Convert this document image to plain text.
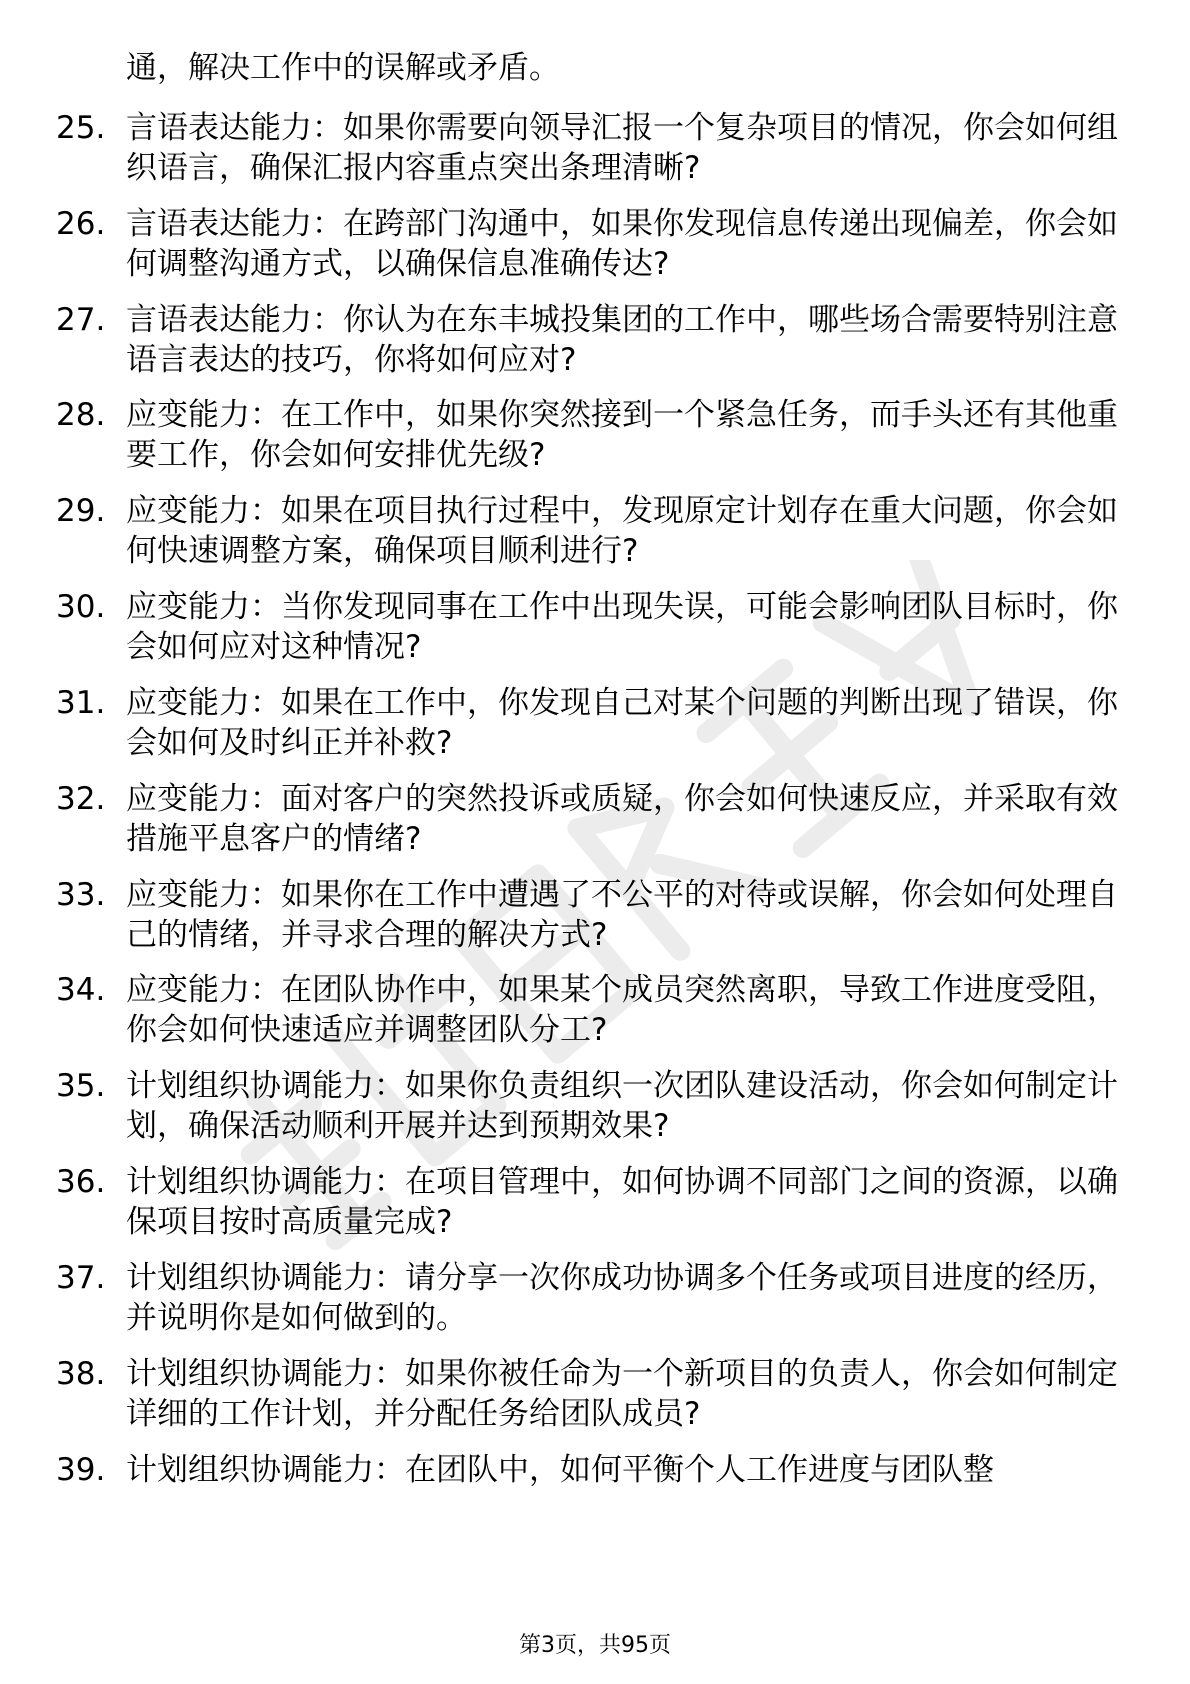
通，解决工作中的误解或矛盾。

25. 言语表达能力：如果你需要向领导汇报一个复杂项目的情况，你会如何组织语言，确保汇报内容重点突出条理清晰?
26. 言语表达能力：在跨部门沟通中，如果你发现信息传递出现偏差，你会如何调整沟通方式，以确保信息准确传达?
27. 言语表达能力：你认为在东丰城投集团的工作中，哪些场合需要特别注意语言表达的技巧，你将如何应对?
28. 应变能力：在工作中，如果你突然接到一个紧急任务，而手头还有其他重要工作，你会如何安排优先级?
29. 应变能力：如果在项目执行过程中，发现原定计划存在重大问题，你会如何快速调整方案，确保项目顺利进行?
30. 应变能力：当你发现同事在工作中出现失误，可能会影响团队目标时，你会如何应对这种情况?
31. 应变能力：如果在工作中，你发现自己对某个问题的判断出现了错误，你会如何及时纠正并补救?
32. 应变能力：面对客户的突然投诉或质疑，你会如何快速反应，并采取有效措施平息客户的情绪?
33. 应变能力：如果你在工作中遭遇了不公平的对待或误解，你会如何处理自己的情绪，并寻求合理的解决方式?
34. 应变能力：在团队协作中，如果某个成员突然离职，导致工作进度受阻，你会如何快速适应并调整团队分工?
35. 计划组织协调能力：如果你负责组织一次团队建设活动，你会如何制定计划，确保活动顺利开展并达到预期效果?
36. 计划组织协调能力：在项目管理中，如何协调不同部门之间的资源，以确保项目按时高质量完成?
37. 计划组织协调能力：请分享一次你成功协调多个任务或项目进度的经历，并说明你是如何做到的。
38. 计划组织协调能力：如果你被任命为一个新项目的负责人，你会如何制定详细的工作计划，并分配任务给团队成员?
39. 计划组织协调能力：在团队中，如何平衡个人工作进度与团队整
第3页，共95页
